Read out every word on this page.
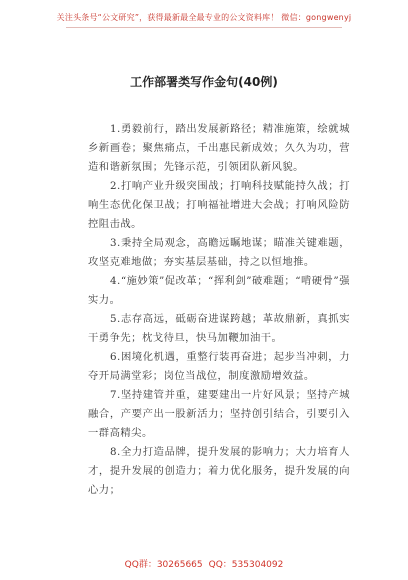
关注头条号“公文研究”，获得最新最全最专业的公文资料库！ 微信：gongwenyj
工作部署类写作金句(40例)

1.勇毅前行，踏出发展新路径；精准施策，绘就城乡新画卷；聚焦痛点，千出惠民新成效；久久为功，营造和谐新氛围；先锋示范，引领团队新风貌。

2.打响产业升级突围战；打响科技赋能持久战；打响生态优化保卫战；打响福祉增进大会战；打响风险防控阻击战。

3.秉持全局观念，高瞻远瞩地谋；瞄准关键难题，攻坚克难地做；夯实基层基础，持之以恒地推。

4.“施妙策”促改革；“挥利剑”破难题；“啃硬骨”强实力。

5.志存高远，砥砺奋进谋跨越；革故鼎新，真抓实干勇争先；枕戈待旦，快马加鞭加油干。

6.困境化机遇，重整行装再奋进；起步当冲刺，力夺开局满堂彩；岗位当战位，制度激励增效益。

7.坚持建管并重，建要建出一片好风景；坚持产城融合，产要产出一股新活力；坚持创引结合，引要引入一群高精尖。

8.全力打造品牌，提升发展的影响力；大力培育人才，提升发展的创造力；着力优化服务，提升发展的向心力；

QQ群：30265665 QQ：535304092
